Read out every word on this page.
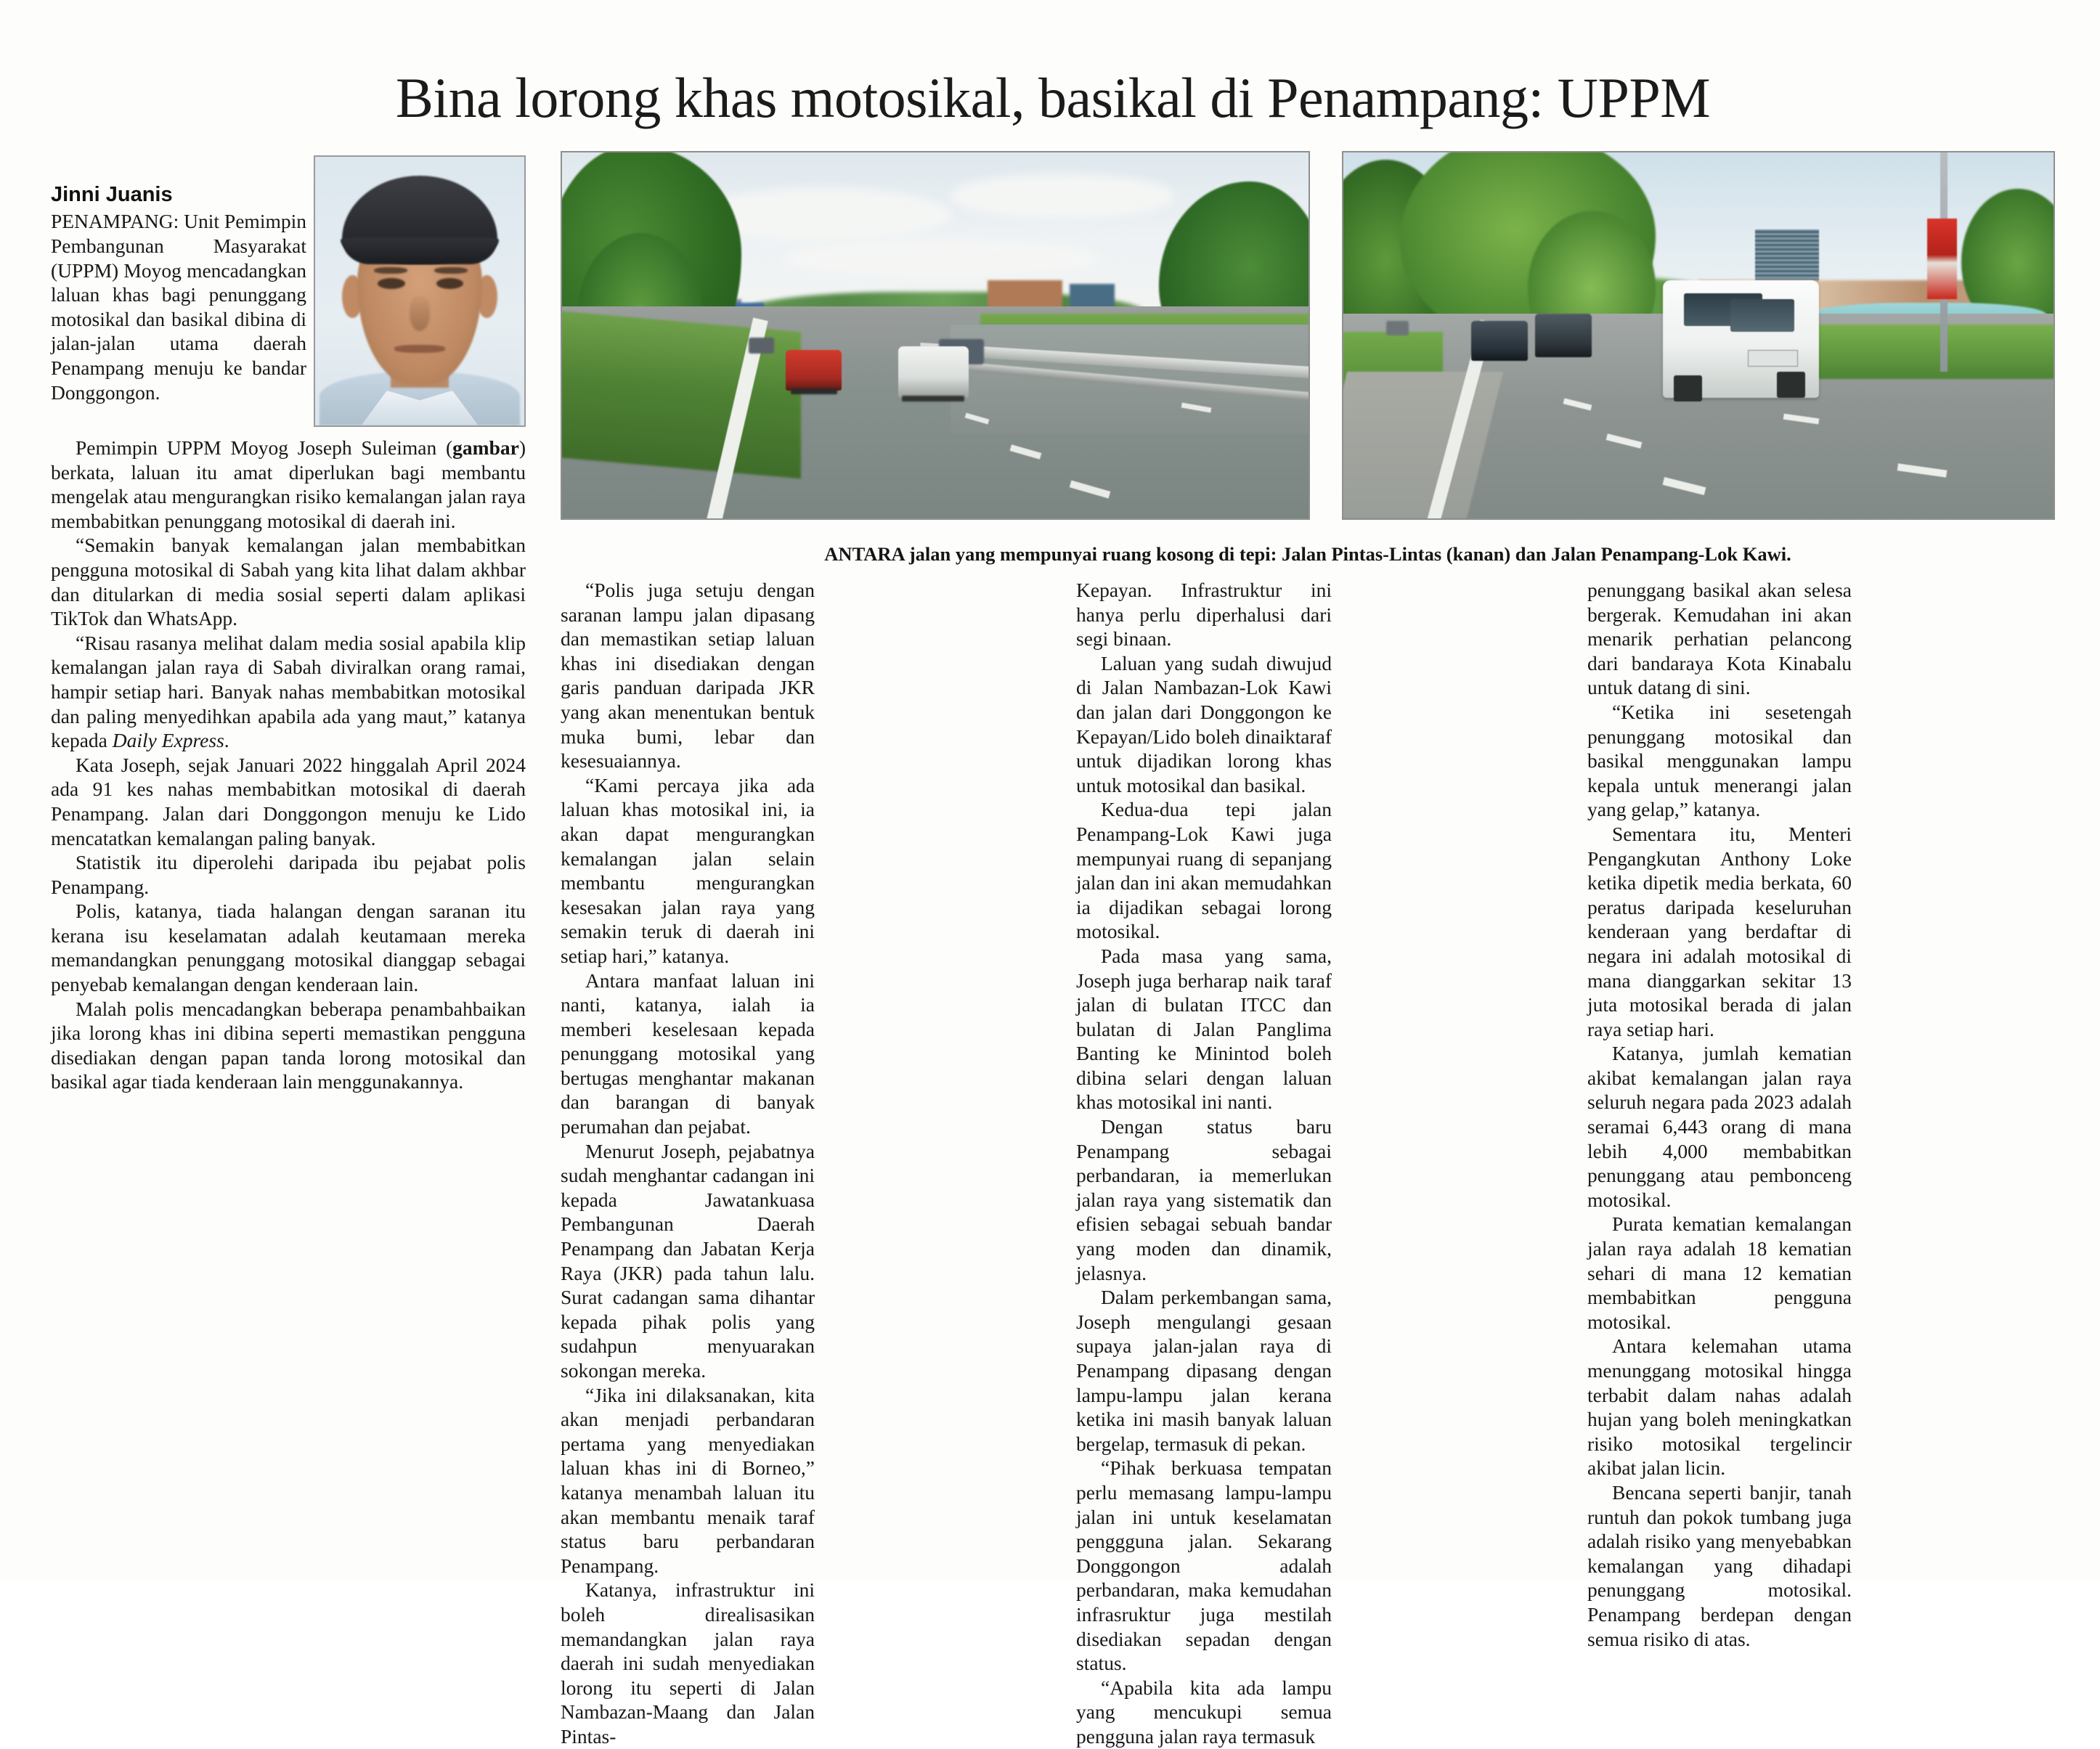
Bina lorong khas motosikal, basikal di Penampang: UPPM
ANTARA jalan yang mempunyai ruang kosong di tepi: Jalan Pintas-Lintas (kanan) dan Jalan Penampang-Lok Kawi.
Jinni Juanis

PENAMPANG: Unit Pemimpin Pembangunan Masyarakat (UPPM) Moyog mencadangkan laluan khas bagi penunggang motosikal dan basikal dibina di jalan-jalan utama daerah Penampang menuju ke bandar Donggongon.

Pemimpin UPPM Moyog Joseph Suleiman (gambar) berkata, laluan itu amat diperlukan bagi membantu mengelak atau mengurangkan risiko kemalangan jalan raya membabitkan penunggang motosikal di daerah ini.

“Semakin banyak kemalangan jalan membabitkan pengguna motosikal di Sabah yang kita lihat dalam akhbar dan ditularkan di media sosial seperti dalam aplikasi TikTok dan WhatsApp.

“Risau rasanya melihat dalam media sosial apabila klip kemalangan jalan raya di Sabah diviralkan orang ramai, hampir setiap hari. Banyak nahas membabitkan motosikal dan paling menyedihkan apabila ada yang maut,” katanya kepada Daily Express.

Kata Joseph, sejak Januari 2022 hinggalah April 2024 ada 91 kes nahas membabitkan motosikal di daerah Penampang. Jalan dari Donggongon menuju ke Lido mencatatkan kemalangan paling banyak.

Statistik itu diperolehi daripada ibu pejabat polis Penampang.

Polis, katanya, tiada halangan dengan saranan itu kerana isu keselamatan adalah keutamaan mereka memandangkan penunggang motosikal dianggap sebagai penyebab kemalangan dengan kenderaan lain.

Malah polis mencadangkan beberapa penambahbaikan jika lorong khas ini dibina seperti memastikan pengguna disediakan dengan papan tanda lorong motosikal dan basikal agar tiada kenderaan lain menggunakannya.

“Polis juga setuju dengan saranan lampu jalan dipasang dan memastikan setiap laluan khas ini disediakan dengan garis panduan daripada JKR yang akan menentukan bentuk muka bumi, lebar dan kesesuaiannya.

“Kami percaya jika ada laluan khas motosikal ini, ia akan dapat mengurangkan kemalangan jalan selain membantu mengurangkan kesesakan jalan raya yang semakin teruk di daerah ini setiap hari,” katanya.

Antara manfaat laluan ini nanti, katanya, ialah ia memberi keselesaan kepada penunggang motosikal yang bertugas menghantar makanan dan barangan di banyak perumahan dan pejabat.

Menurut Joseph, pejabatnya sudah menghantar cadangan ini kepada Jawatankuasa Pembangunan Daerah Penampang dan Jabatan Kerja Raya (JKR) pada tahun lalu. Surat cadangan sama dihantar kepada pihak polis yang sudahpun menyuarakan sokongan mereka.

“Jika ini dilaksanakan, kita akan menjadi perbandaran pertama yang menyediakan laluan khas ini di Borneo,” katanya menambah laluan itu akan membantu menaik taraf status baru perbandaran Penampang.

Katanya, infrastruktur ini boleh direalisasikan memandangkan jalan raya daerah ini sudah menyediakan lorong itu seperti di Jalan Nambazan-Maang dan Jalan Pintas-

Kepayan. Infrastruktur ini hanya perlu diperhalusi dari segi binaan.

Laluan yang sudah diwujud di Jalan Nambazan-Lok Kawi dan jalan dari Donggongon ke Kepayan/Lido boleh dinaiktaraf untuk dijadikan lorong khas untuk motosikal dan basikal.

Kedua-dua tepi jalan Penampang-Lok Kawi juga mempunyai ruang di sepanjang jalan dan ini akan memudahkan ia dijadikan sebagai lorong motosikal.

Pada masa yang sama, Joseph juga berharap naik taraf jalan di bulatan ITCC dan bulatan di Jalan Panglima Banting ke Minintod boleh dibina selari dengan laluan khas motosikal ini nanti.

Dengan status baru Penampang sebagai perbandaran, ia memerlukan jalan raya yang sistematik dan efisien sebagai sebuah bandar yang moden dan dinamik, jelasnya.

Dalam perkembangan sama, Joseph mengulangi gesaan supaya jalan-jalan raya di Penampang dipasang dengan lampu-lampu jalan kerana ketika ini masih banyak laluan bergelap, termasuk di pekan.

“Pihak berkuasa tempatan perlu memasang lampu-lampu jalan ini untuk keselamatan penggguna jalan. Sekarang Donggongon adalah perbandaran, maka kemudahan infrasruktur juga mestilah disediakan sepadan dengan status.

“Apabila kita ada lampu yang mencukupi semua pengguna jalan raya termasuk

penunggang basikal akan selesa bergerak. Kemudahan ini akan menarik perhatian pelancong dari bandaraya Kota Kinabalu untuk datang di sini.

“Ketika ini sesetengah penunggang motosikal dan basikal menggunakan lampu kepala untuk menerangi jalan yang gelap,” katanya.

Sementara itu, Menteri Pengangkutan Anthony Loke ketika dipetik media berkata, 60 peratus daripada keseluruhan kenderaan yang berdaftar di negara ini adalah motosikal di mana dianggarkan sekitar 13 juta motosikal berada di jalan raya setiap hari.

Katanya, jumlah kematian akibat kemalangan jalan raya seluruh negara pada 2023 adalah seramai 6,443 orang di mana lebih 4,000 membabitkan penunggang atau pembonceng motosikal.

Purata kematian kemalangan jalan raya adalah 18 kematian sehari di mana 12 kematian membabitkan pengguna motosikal.

Antara kelemahan utama menunggang motosikal hingga terbabit dalam nahas adalah hujan yang boleh meningkatkan risiko motosikal tergelincir akibat jalan licin.

Bencana seperti banjir, tanah runtuh dan pokok tumbang juga adalah risiko yang menyebabkan kemalangan yang dihadapi penunggang motosikal. Penampang berdepan dengan semua risiko di atas.
